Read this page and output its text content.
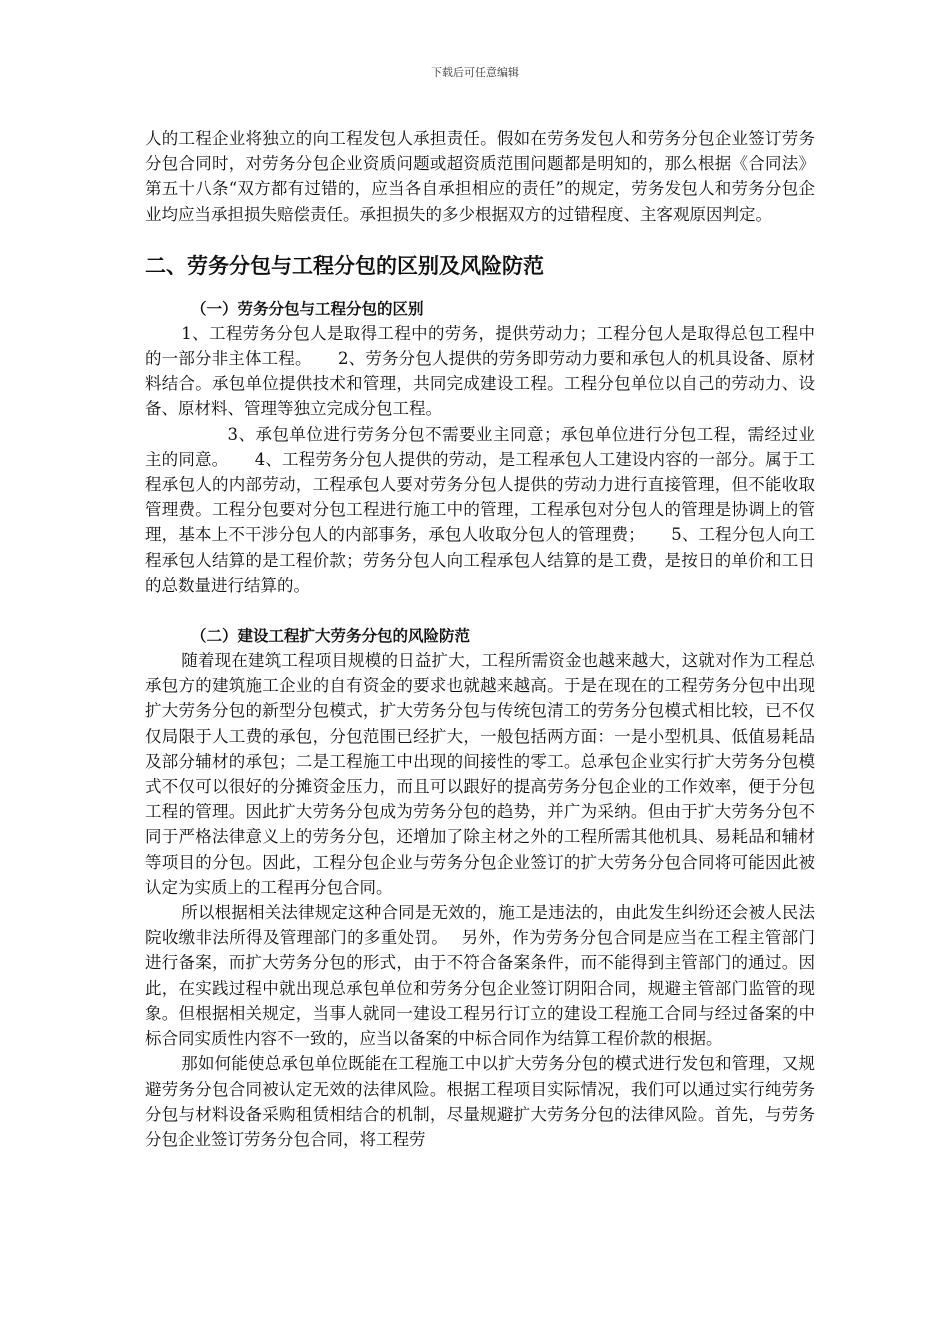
下载后可任意编辑

人的工程企业将独立的向工程发包人承担责任。假如在劳务发包人和劳务分包企业签订劳务分包合同时，对劳务分包企业资质问题或超资质范围问题都是明知的，那么根据《合同法》第五十八条“双方都有过错的，应当各自承担相应的责任”的规定，劳务发包人和劳务分包企业均应当承担损失赔偿责任。承担损失的多少根据双方的过错程度、主客观原因判定。

二、劳务分包与工程分包的区别及风险防范
（一）劳务分包与工程分包的区别

1、工程劳务分包人是取得工程中的劳务，提供劳动力；工程分包人是取得总包工程中的一部分非主体工程。 2、劳务分包人提供的劳务即劳动力要和承包人的机具设备、原材料结合。承包单位提供技术和管理，共同完成建设工程。工程分包单位以自己的劳动力、设备、原材料、管理等独立完成分包工程。

3、承包单位进行劳务分包不需要业主同意；承包单位进行分包工程，需经过业主的同意。 4、工程劳务分包人提供的劳动，是工程承包人工建设内容的一部分。属于工程承包人的内部劳动，工程承包人要对劳务分包人提供的劳动力进行直接管理，但不能收取管理费。工程分包要对分包工程进行施工中的管理，工程承包对分包人的管理是协调上的管理，基本上不干涉分包人的内部事务，承包人收取分包人的管理费； 5、工程分包人向工程承包人结算的是工程价款；劳务分包人向工程承包人结算的是工费，是按日的单价和工日的总数量进行结算的。

（二）建设工程扩大劳务分包的风险防范

随着现在建筑工程项目规模的日益扩大，工程所需资金也越来越大，这就对作为工程总承包方的建筑施工企业的自有资金的要求也就越来越高。于是在现在的工程劳务分包中出现扩大劳务分包的新型分包模式，扩大劳务分包与传统包清工的劳务分包模式相比较，已不仅仅局限于人工费的承包，分包范围已经扩大，一般包括两方面：一是小型机具、低值易耗品及部分辅材的承包；二是工程施工中出现的间接性的零工。总承包企业实行扩大劳务分包模式不仅可以很好的分摊资金压力，而且可以跟好的提高劳务分包企业的工作效率，便于分包工程的管理。因此扩大劳务分包成为劳务分包的趋势，并广为采纳。但由于扩大劳务分包不同于严格法律意义上的劳务分包，还增加了除主材之外的工程所需其他机具、易耗品和辅材等项目的分包。因此，工程分包企业与劳务分包企业签订的扩大劳务分包合同将可能因此被认定为实质上的工程再分包合同。

所以根据相关法律规定这种合同是无效的，施工是违法的，由此发生纠纷还会被人民法院收缴非法所得及管理部门的多重处罚。 另外，作为劳务分包合同是应当在工程主管部门进行备案，而扩大劳务分包的形式，由于不符合备案条件，而不能得到主管部门的通过。因此，在实践过程中就出现总承包单位和劳务分包企业签订阴阳合同，规避主管部门监管的现象。但根据相关规定，当事人就同一建设工程另行订立的建设工程施工合同与经过备案的中标合同实质性内容不一致的，应当以备案的中标合同作为结算工程价款的根据。

那如何能使总承包单位既能在工程施工中以扩大劳务分包的模式进行发包和管理，又规避劳务分包合同被认定无效的法律风险。根据工程项目实际情况，我们可以通过实行纯劳务分包与材料设备采购租赁相结合的机制，尽量规避扩大劳务分包的法律风险。首先，与劳务分包企业签订劳务分包合同，将工程劳
